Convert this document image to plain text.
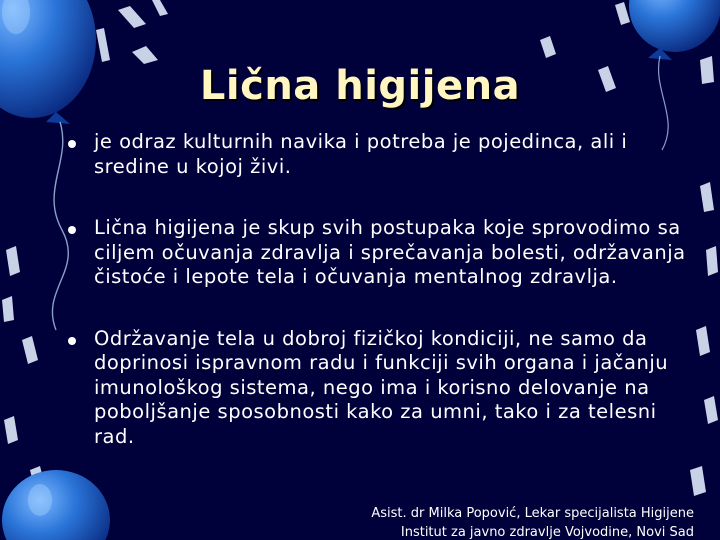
Lična higijena
je odraz kulturnih navika i potreba je pojedinca, ali i sredine u kojoj živi.
Lična higijena je skup svih postupaka koje sprovodimo sa ciljem očuvanja zdravlja i sprečavanja bolesti, održavanja čistoće i lepote tela i očuvanja mentalnog zdravlja.
Održavanje tela u dobroj fizičkoj kondiciji, ne samo da doprinosi ispravnom radu i funkciji svih organa i jačanju imunološkog sistema, nego ima i korisno delovanje na poboljšanje sposobnosti kako za umni, tako i za telesni rad.
Asist. dr Milka Popović, Lekar specijalista Higijene
Institut za javno zdravlje Vojvodine, Novi Sad
